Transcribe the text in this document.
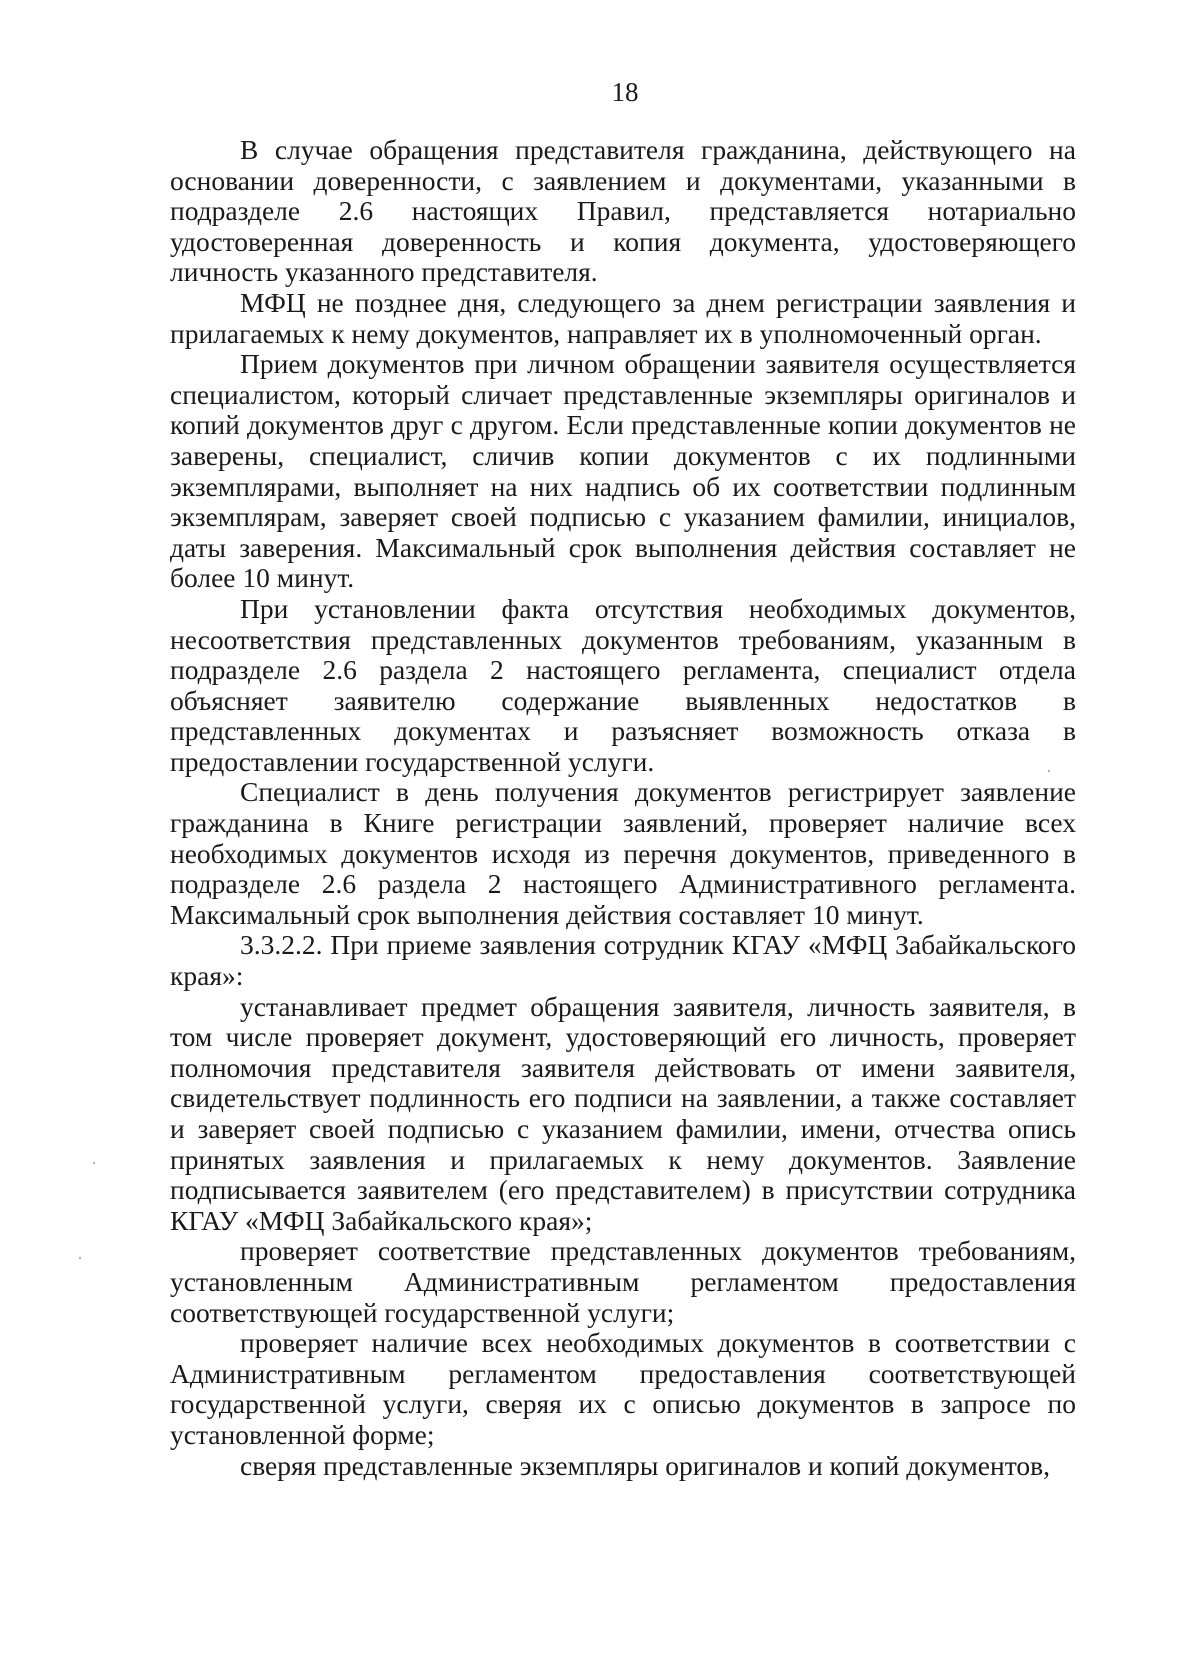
18

В случае обращения представителя гражданина, действующего на основании доверенности, с заявлением и документами, указанными в подразделе 2.6 настоящих Правил, представляется нотариально удостоверенная доверенность и копия документа, удостоверяющего личность указанного представителя.

МФЦ не позднее дня, следующего за днем регистрации заявления и прилагаемых к нему документов, направляет их в уполномоченный орган.

Прием документов при личном обращении заявителя осуществляется специалистом, который сличает представленные экземпляры оригиналов и копий документов друг с другом. Если представленные копии документов не заверены, специалист, сличив копии документов с их подлинными экземплярами, выполняет на них надпись об их соответствии подлинным экземплярам, заверяет своей подписью с указанием фамилии, инициалов, даты заверения. Максимальный срок выполнения действия составляет не более 10 минут.

При установлении факта отсутствия необходимых документов, несоответствия представленных документов требованиям, указанным в подразделе 2.6 раздела 2 настоящего регламента, специалист отдела объясняет заявителю содержание выявленных недостатков в представленных документах и разъясняет возможность отказа в предоставлении государственной услуги.

Специалист в день получения документов регистрирует заявление гражданина в Книге регистрации заявлений, проверяет наличие всех необходимых документов исходя из перечня документов, приведенного в подразделе 2.6 раздела 2 настоящего Административного регламента. Максимальный срок выполнения действия составляет 10 минут.

3.3.2.2. При приеме заявления сотрудник КГАУ «МФЦ Забайкальского края»:

устанавливает предмет обращения заявителя, личность заявителя, в том числе проверяет документ, удостоверяющий его личность, проверяет полномочия представителя заявителя действовать от имени заявителя, свидетельствует подлинность его подписи на заявлении, а также составляет и заверяет своей подписью с указанием фамилии, имени, отчества опись принятых заявления и прилагаемых к нему документов. Заявление подписывается заявителем (его представителем) в присутствии сотрудника КГАУ «МФЦ Забайкальского края»;

проверяет соответствие представленных документов требованиям, установленным Административным регламентом предоставления соответствующей государственной услуги;

проверяет наличие всех необходимых документов в соответствии с Административным регламентом предоставления соответствующей государственной услуги, сверяя их с описью документов в запросе по установленной форме;

сверяя представленные экземпляры оригиналов и копий документов,
